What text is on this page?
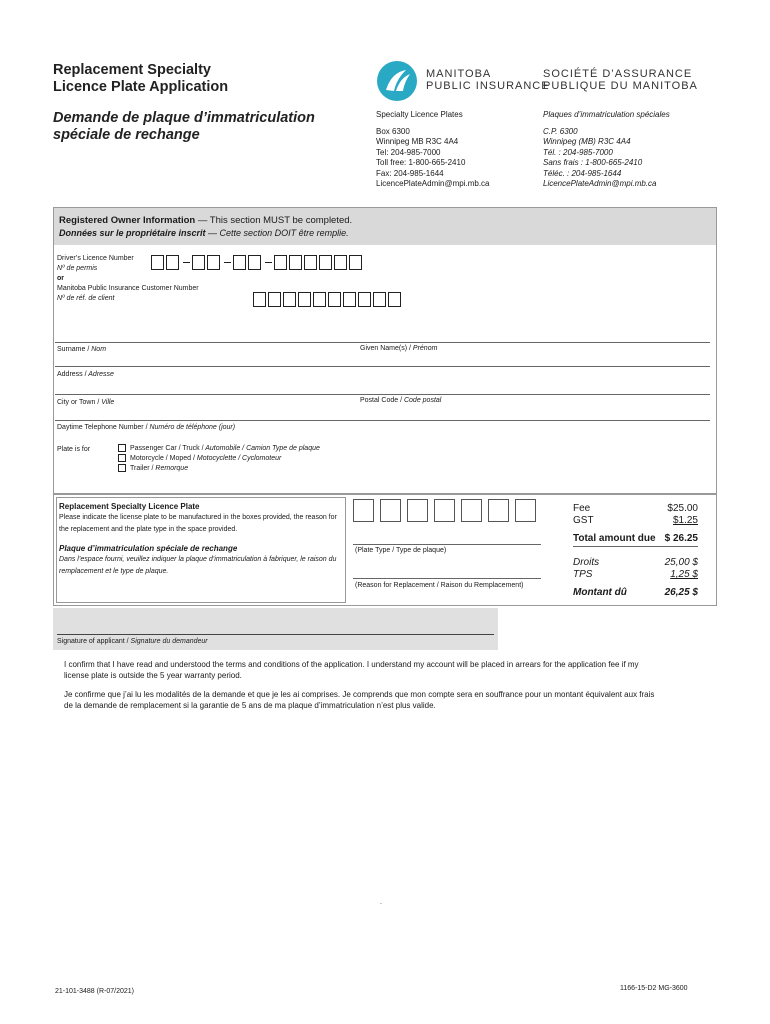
Replacement Specialty
Licence Plate Application
Demande de plaque d’immatriculation
spéciale de rechange
MANITOBA
PUBLIC INSURANCE
SOCIÉTÉ D’ASSURANCE
PUBLIQUE DU MANITOBA
Specialty Licence Plates
Box 6300
Winnipeg MB R3C 4A4
Tel: 204-985-7000
Toll free: 1-800-665-2410
Fax: 204-985-1644
LicencePlateAdmin@mpi.mb.ca
Plaques d’immatriculation spéciales
C.P. 6300
Winnipeg (MB) R3C 4A4
Tél. : 204-985-7000
Sans frais : 1-800-665-2410
Téléc. : 204-985-1644
LicencePlateAdmin@mpi.mb.ca
Registered Owner Information — This section MUST be completed.
Données sur le propriétaire inscrit — Cette section DOIT être remplie.
Driver’s Licence Number
Nº de permis
or
Manitoba Public Insurance Customer Number
Nº de réf. de client
Surname / Nom	Given Name(s) / Prénom
Address / Adresse
City or Town / Ville	Postal Code / Code postal
Daytime Telephone Number / Numéro de téléphone (jour)
Plate is for	Passenger Car / Truck / Automobile / Camion Type de plaque
Motorcycle / Moped / Motocyclette / Cyclomoteur
Trailer / Remorque
Replacement Specialty Licence Plate
Please indicate the license plate to be manufactured in the boxes provided, the reason for the replacement and the plate type in the space provided.
Plaque d’immatriculation spéciale de rechange
Dans l’espace fourni, veuillez indiquer la plaque d’immatriculation à fabriquer, le raison du remplacement et le type de plaque.
(Plate Type / Type de plaque)
(Reason for Replacement / Raison du Remplacement)
Fee	$25.00
GST	$1.25
Total amount due $ 26.25
Droits	25,00 $
TPS	1,25 $
Montant dû	26,25 $
Signature of applicant / Signature du demandeur
I confirm that I have read and understood the terms and conditions of the application. I understand my account will be placed in arrears for the application fee if my license plate is outside the 5 year warranty period.
Je confirme que j’ai lu les modalités de la demande et que je les ai comprises. Je comprends que mon compte sera en souffrance pour un montant équivalent aux frais de la demande de remplacement si la garantie de 5 ans de ma plaque d’immatriculation n’est plus valide.
.
21-101-3488 (R-07/2021)	1166-15-D2 MG-3600
